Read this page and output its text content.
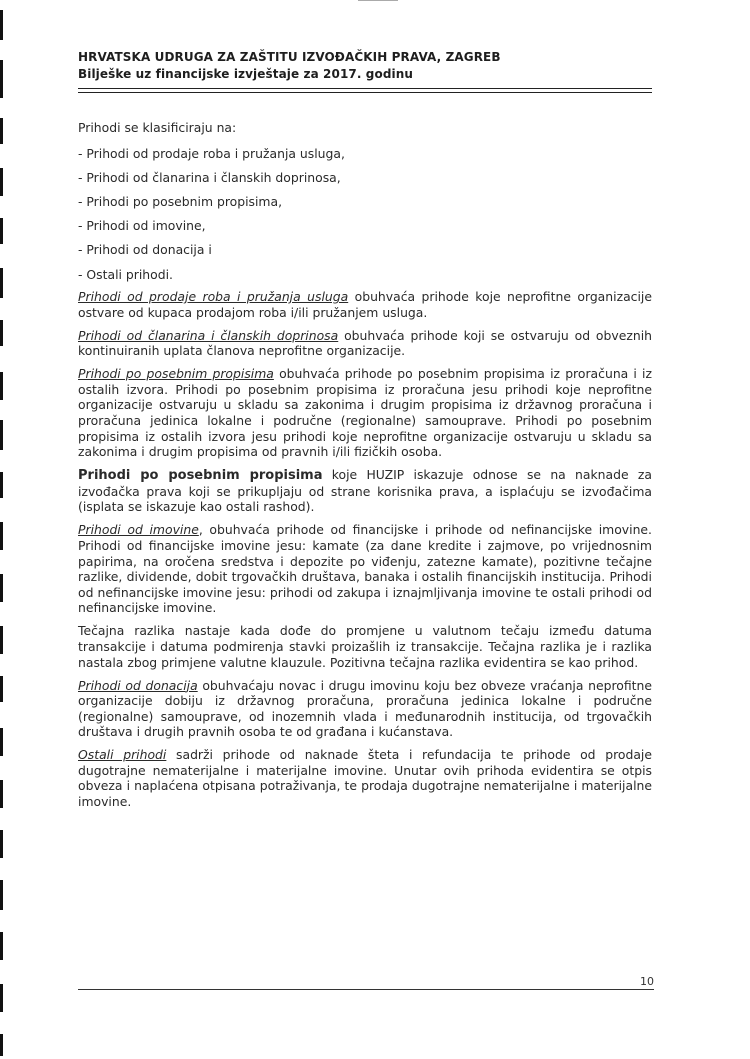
HRVATSKA UDRUGA ZA ZAŠTITU IZVOĐAČKIH PRAVA, ZAGREB
Bilješke uz financijske izvještaje za 2017. godinu

Prihodi se klasificiraju na:

- Prihodi od prodaje roba i pružanja usluga,
- Prihodi od članarina i članskih doprinosa,
- Prihodi po posebnim propisima,
- Prihodi od imovine,
- Prihodi od donacija i
- Ostali prihodi.

Prihodi od prodaje roba i pružanja usluga obuhvaća prihode koje neprofitne organizacije ostvare od kupaca prodajom roba i/ili pružanjem usluga.

Prihodi od članarina i članskih doprinosa obuhvaća prihode koji se ostvaruju od obveznih kontinuiranih uplata članova neprofitne organizacije.

Prihodi po posebnim propisima obuhvaća prihode po posebnim propisima iz proračuna i iz ostalih izvora. Prihodi po posebnim propisima iz proračuna jesu prihodi koje neprofitne organizacije ostvaruju u skladu sa zakonima i drugim propisima iz državnog proračuna i proračuna jedinica lokalne i područne (regionalne) samouprave. Prihodi po posebnim propisima iz ostalih izvora jesu prihodi koje neprofitne organizacije ostvaruju u skladu sa zakonima i drugim propisima od pravnih i/ili fizičkih osoba.

Prihodi po posebnim propisima koje HUZIP iskazuje odnose se na naknade za izvođačka prava koji se prikupljaju od strane korisnika prava, a isplaćuju se izvođačima (isplata se iskazuje kao ostali rashod).

Prihodi od imovine, obuhvaća prihode od financijske i prihode od nefinancijske imovine. Prihodi od financijske imovine jesu: kamate (za dane kredite i zajmove, po vrijednosnim papirima, na oročena sredstva i depozite po viđenju, zatezne kamate), pozitivne tečajne razlike, dividende, dobit trgovačkih društava, banaka i ostalih financijskih institucija. Prihodi od nefinancijske imovine jesu: prihodi od zakupa i iznajmljivanja imovine te ostali prihodi od nefinancijske imovine.

Tečajna razlika nastaje kada dođe do promjene u valutnom tečaju između datuma transakcije i datuma podmirenja stavki proizašlih iz transakcije. Tečajna razlika je i razlika nastala zbog primjene valutne klauzule. Pozitivna tečajna razlika evidentira se kao prihod.

Prihodi od donacija obuhvaćaju novac i drugu imovinu koju bez obveze vraćanja neprofitne organizacije dobiju iz državnog proračuna, proračuna jedinica lokalne i područne (regionalne) samouprave, od inozemnih vlada i međunarodnih institucija, od trgovačkih društava i drugih pravnih osoba te od građana i kućanstava.

Ostali prihodi sadrži prihode od naknade šteta i refundacija te prihode od prodaje dugotrajne nematerijalne i materijalne imovine. Unutar ovih prihoda evidentira se otpis obveza i naplaćena otpisana potraživanja, te prodaja dugotrajne nematerijalne i materijalne imovine.

10
